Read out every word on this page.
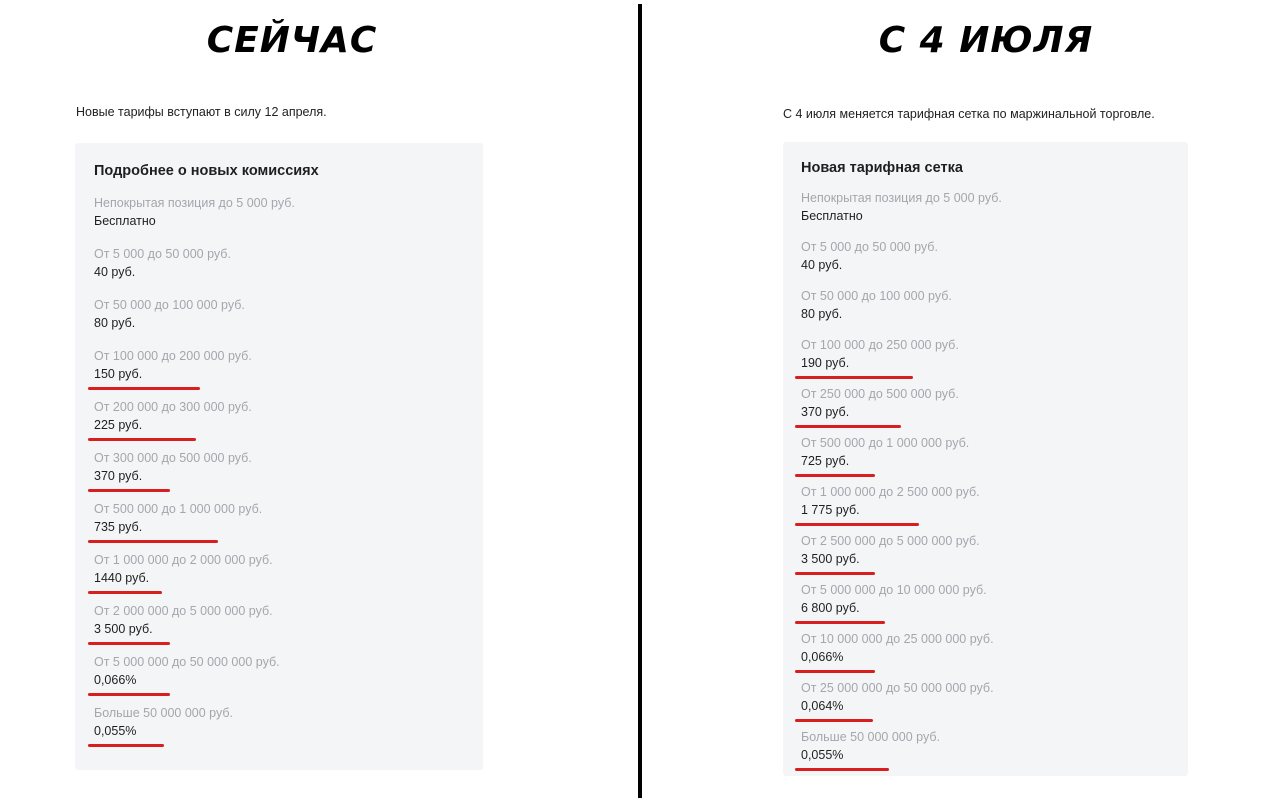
СЕЙЧАС
Новые тарифы вступают в силу 12 апреля.
Подробнее о новых комиссиях
Непокрытая позиция до 5 000 руб.
Бесплатно
От 5 000 до 50 000 руб.
40 руб.
От 50 000 до 100 000 руб.
80 руб.
От 100 000 до 200 000 руб.
150 руб.
От 200 000 до 300 000 руб.
225 руб.
От 300 000 до 500 000 руб.
370 руб.
От 500 000 до 1 000 000 руб.
735 руб.
От 1 000 000 до 2 000 000 руб.
1440 руб.
От 2 000 000 до 5 000 000 руб.
3 500 руб.
От 5 000 000 до 50 000 000 руб.
0,066%
Больше 50 000 000 руб.
0,055%
С 4 ИЮЛЯ
С 4 июля меняется тарифная сетка по маржинальной торговле.
Новая тарифная сетка
Непокрытая позиция до 5 000 руб.
Бесплатно
От 5 000 до 50 000 руб.
40 руб.
От 50 000 до 100 000 руб.
80 руб.
От 100 000 до 250 000 руб.
190 руб.
От 250 000 до 500 000 руб.
370 руб.
От 500 000 до 1 000 000 руб.
725 руб.
От 1 000 000 до 2 500 000 руб.
1 775 руб.
От 2 500 000 до 5 000 000 руб.
3 500 руб.
От 5 000 000 до 10 000 000 руб.
6 800 руб.
От 10 000 000 до 25 000 000 руб.
0,066%
От 25 000 000 до 50 000 000 руб.
0,064%
Больше 50 000 000 руб.
0,055%
